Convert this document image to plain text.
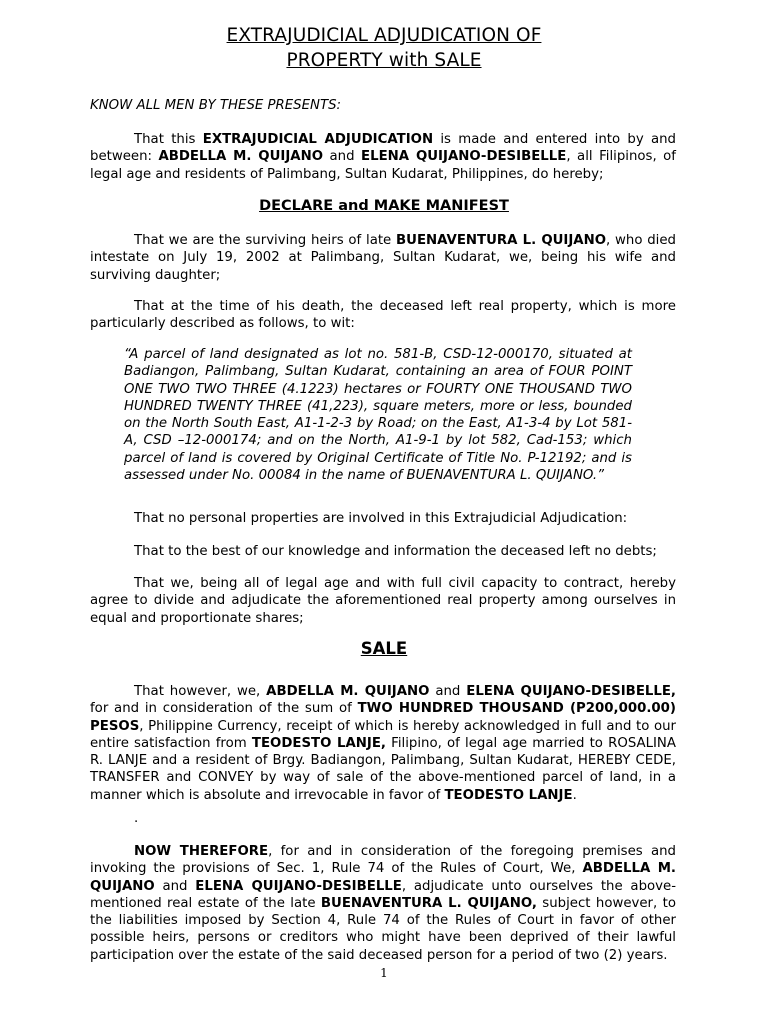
EXTRAJUDICIAL ADJUDICATION OF
PROPERTY with SALE
KNOW ALL MEN BY THESE PRESENTS:
That this EXTRAJUDICIAL ADJUDICATION is made and entered into by and between: ABDELLA M. QUIJANO and ELENA QUIJANO-DESIBELLE, all Filipinos, of legal age and residents of Palimbang, Sultan Kudarat, Philippines, do hereby;
DECLARE and MAKE MANIFEST
That we are the surviving heirs of late BUENAVENTURA L. QUIJANO, who died intestate on July 19, 2002 at Palimbang, Sultan Kudarat, we, being his wife and surviving daughter;
That at the time of his death, the deceased left real property, which is more particularly described as follows, to wit:
“A parcel of land designated as lot no. 581-B, CSD-12-000170, situated at Badiangon, Palimbang, Sultan Kudarat, containing an area of FOUR POINT ONE TWO TWO THREE (4.1223) hectares or FOURTY ONE THOUSAND TWO HUNDRED TWENTY THREE (41,223), square meters, more or less, bounded on the North South East, A1-1-2-3 by Road; on the East, A1-3-4 by Lot 581-A, CSD –12-000174; and on the North, A1-9-1 by lot 582, Cad-153; which parcel of land is covered by Original Certificate of Title No. P-12192; and is assessed under No. 00084 in the name of BUENAVENTURA L. QUIJANO.”
That no personal properties are involved in this Extrajudicial Adjudication:
That to the best of our knowledge and information the deceased left no debts;
That we, being all of legal age and with full civil capacity to contract, hereby agree to divide and adjudicate the aforementioned real property among ourselves in equal and proportionate shares;
SALE
That however, we, ABDELLA M. QUIJANO and ELENA QUIJANO-DESIBELLE, for and in consideration of the sum of TWO HUNDRED THOUSAND (P200,000.00) PESOS, Philippine Currency, receipt of which is hereby acknowledged in full and to our entire satisfaction from TEODESTO LANJE, Filipino, of legal age married to ROSALINA R. LANJE and a resident of Brgy. Badiangon, Palimbang, Sultan Kudarat, HEREBY CEDE, TRANSFER and CONVEY by way of sale of the above-mentioned parcel of land, in a manner which is absolute and irrevocable in favor of TEODESTO LANJE.
.
NOW THEREFORE, for and in consideration of the foregoing premises and invoking the provisions of Sec. 1, Rule 74 of the Rules of Court, We, ABDELLA M. QUIJANO and ELENA QUIJANO-DESIBELLE, adjudicate unto ourselves the above-mentioned real estate of the late BUENAVENTURA L. QUIJANO, subject however, to the liabilities imposed by Section 4, Rule 74 of the Rules of Court in favor of other possible heirs, persons or creditors who might have been deprived of their lawful participation over the estate of the said deceased person for a period of two (2) years.
1
